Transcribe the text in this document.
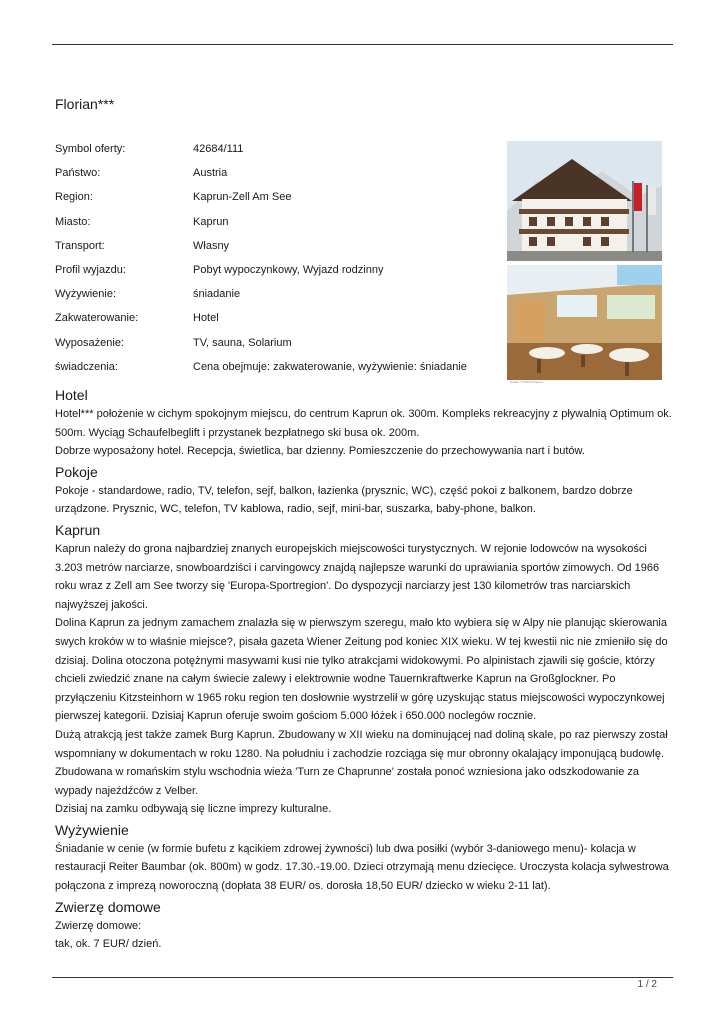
Florian***
Symbol oferty:	42684/111
Państwo:	Austria
Region:	Kaprun-Zell Am See
Miasto:	Kaprun
Transport:	Własny
Profil wyjazdu:	Pobyt wypoczynkowy, Wyjazd rodzinny
Wyżywienie:	śniadanie
Zakwaterowanie:	Hotel
Wyposażenie:	TV, sauna, Solarium
świadczenia:	Cena obejmuje: zakwaterowanie, wyżywienie: śniadanie
Quelle: © Florian Kaprun
Hotel
Hotel*** położenie w cichym spokojnym miejscu, do centrum Kaprun ok. 300m. Kompleks rekreacyjny z pływalnią Optimum ok. 500m. Wyciąg Schaufelbeglift i przystanek bezpłatnego ski busa ok. 200m.
Dobrze wyposażony hotel. Recepcja, świetlica, bar dzienny. Pomieszczenie do przechowywania nart i butów.
Pokoje
Pokoje - standardowe, radio, TV, telefon, sejf, balkon, łazienka (prysznic, WC), część pokoi z balkonem, bardzo dobrze urządzone. Prysznic, WC, telefon, TV kablowa, radio, sejf, mini-bar, suszarka, baby-phone, balkon.
Kaprun
Kaprun należy do grona najbardziej znanych europejskich miejscowości turystycznych. W rejonie lodowców na wysokości 3.203 metrów narciarze, snowboardziści i carvingowcy znajdą najlepsze warunki do uprawiania sportów zimowych. Od 1966 roku wraz z Zell am See tworzy się 'Europa-Sportregion'. Do dyspozycji narciarzy jest 130 kilometrów tras narciarskich najwyższej jakości.
Dolina Kaprun za jednym zamachem znalazła się w pierwszym szeregu, mało kto wybiera się w Alpy nie planując skierowania swych kroków w to właśnie miejsce?, pisała gazeta Wiener Zeitung pod koniec XIX wieku. W tej kwestii nic nie zmieniło się do dzisiaj. Dolina otoczona potężnymi masywami kusi nie tylko atrakcjami widokowymi. Po alpinistach zjawili się goście, którzy chcieli zwiedzić znane na całym świecie zalewy i elektrownie wodne Tauernkraftwerke Kaprun na Großglockner. Po przyłączeniu Kitzsteinhorn w 1965 roku region ten dosłownie wystrzelił w górę uzyskując status miejscowości wypoczynkowej pierwszej kategorii. Dzisiaj Kaprun oferuje swoim gościom 5.000 łóżek i 650.000 noclegów rocznie.
Dużą atrakcją jest także zamek Burg Kaprun. Zbudowany w XII wieku na dominującej nad doliną skale, po raz pierwszy został wspomniany w dokumentach w roku 1280. Na południu i zachodzie rozciąga się mur obronny okalający imponującą budowlę. Zbudowana w romańskim stylu wschodnia wieża 'Turn ze Chaprunne' została ponoć wzniesiona jako odszkodowanie za wypady najeźdźców z Velber.
Dzisiaj na zamku odbywają się liczne imprezy kulturalne.
Wyżywienie
Śniadanie w cenie (w formie bufetu z kącikiem zdrowej żywności) lub dwa posiłki (wybór 3-daniowego menu)- kolacja w restauracji Reiter Baumbar (ok. 800m) w godz. 17.30.-19.00. Dzieci otrzymają menu dziecięce. Uroczysta kolacja sylwestrowa połączona z imprezą noworoczną (dopłata 38 EUR/ os. dorosła 18,50 EUR/ dziecko w wieku 2-11 lat).
Zwierzę domowe
Zwierzę domowe:
tak, ok. 7 EUR/ dzień.
1 / 2
